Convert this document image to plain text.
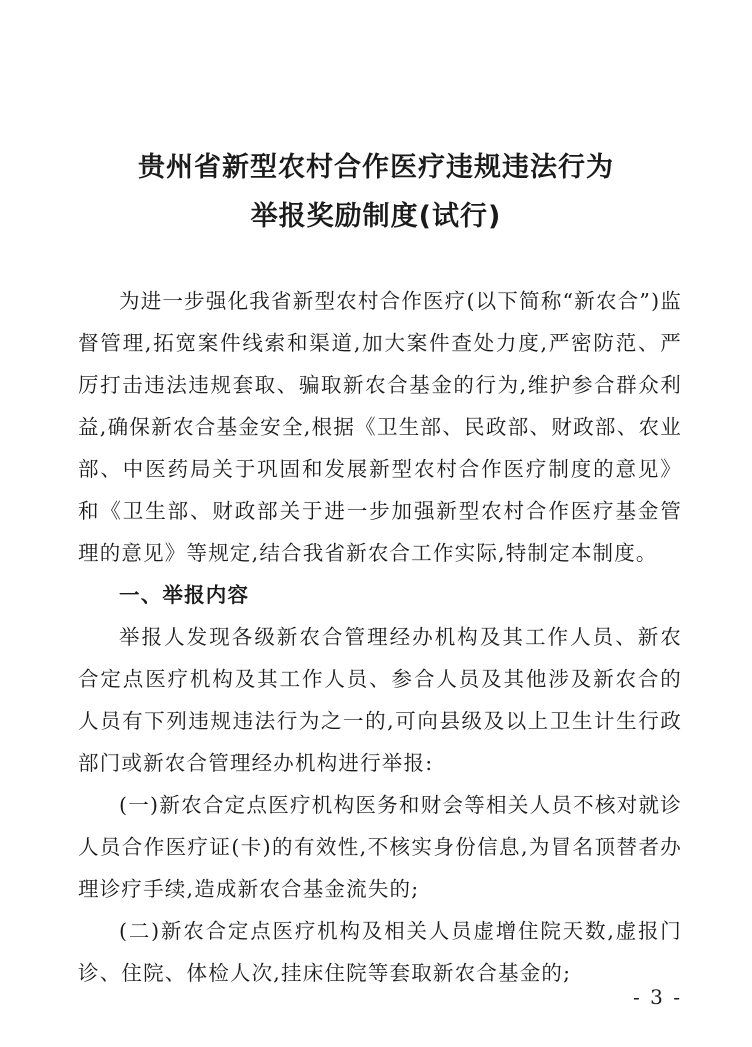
贵州省新型农村合作医疗违规违法行为
举报奖励制度(试行)

为进一步强化我省新型农村合作医疗(以下简称“新农合”)监督管理,拓宽案件线索和渠道,加大案件查处力度,严密防范、严厉打击违法违规套取、骗取新农合基金的行为,维护参合群众利益,确保新农合基金安全,根据《卫生部、民政部、财政部、农业部、中医药局关于巩固和发展新型农村合作医疗制度的意见》和《卫生部、财政部关于进一步加强新型农村合作医疗基金管理的意见》等规定,结合我省新农合工作实际,特制定本制度。

一、举报内容

举报人发现各级新农合管理经办机构及其工作人员、新农合定点医疗机构及其工作人员、参合人员及其他涉及新农合的人员有下列违规违法行为之一的,可向县级及以上卫生计生行政部门或新农合管理经办机构进行举报:

(一)新农合定点医疗机构医务和财会等相关人员不核对就诊人员合作医疗证(卡)的有效性,不核实身份信息,为冒名顶替者办理诊疗手续,造成新农合基金流失的;

(二)新农合定点医疗机构及相关人员虚增住院天数,虚报门诊、住院、体检人次,挂床住院等套取新农合基金的;

- 3 -
